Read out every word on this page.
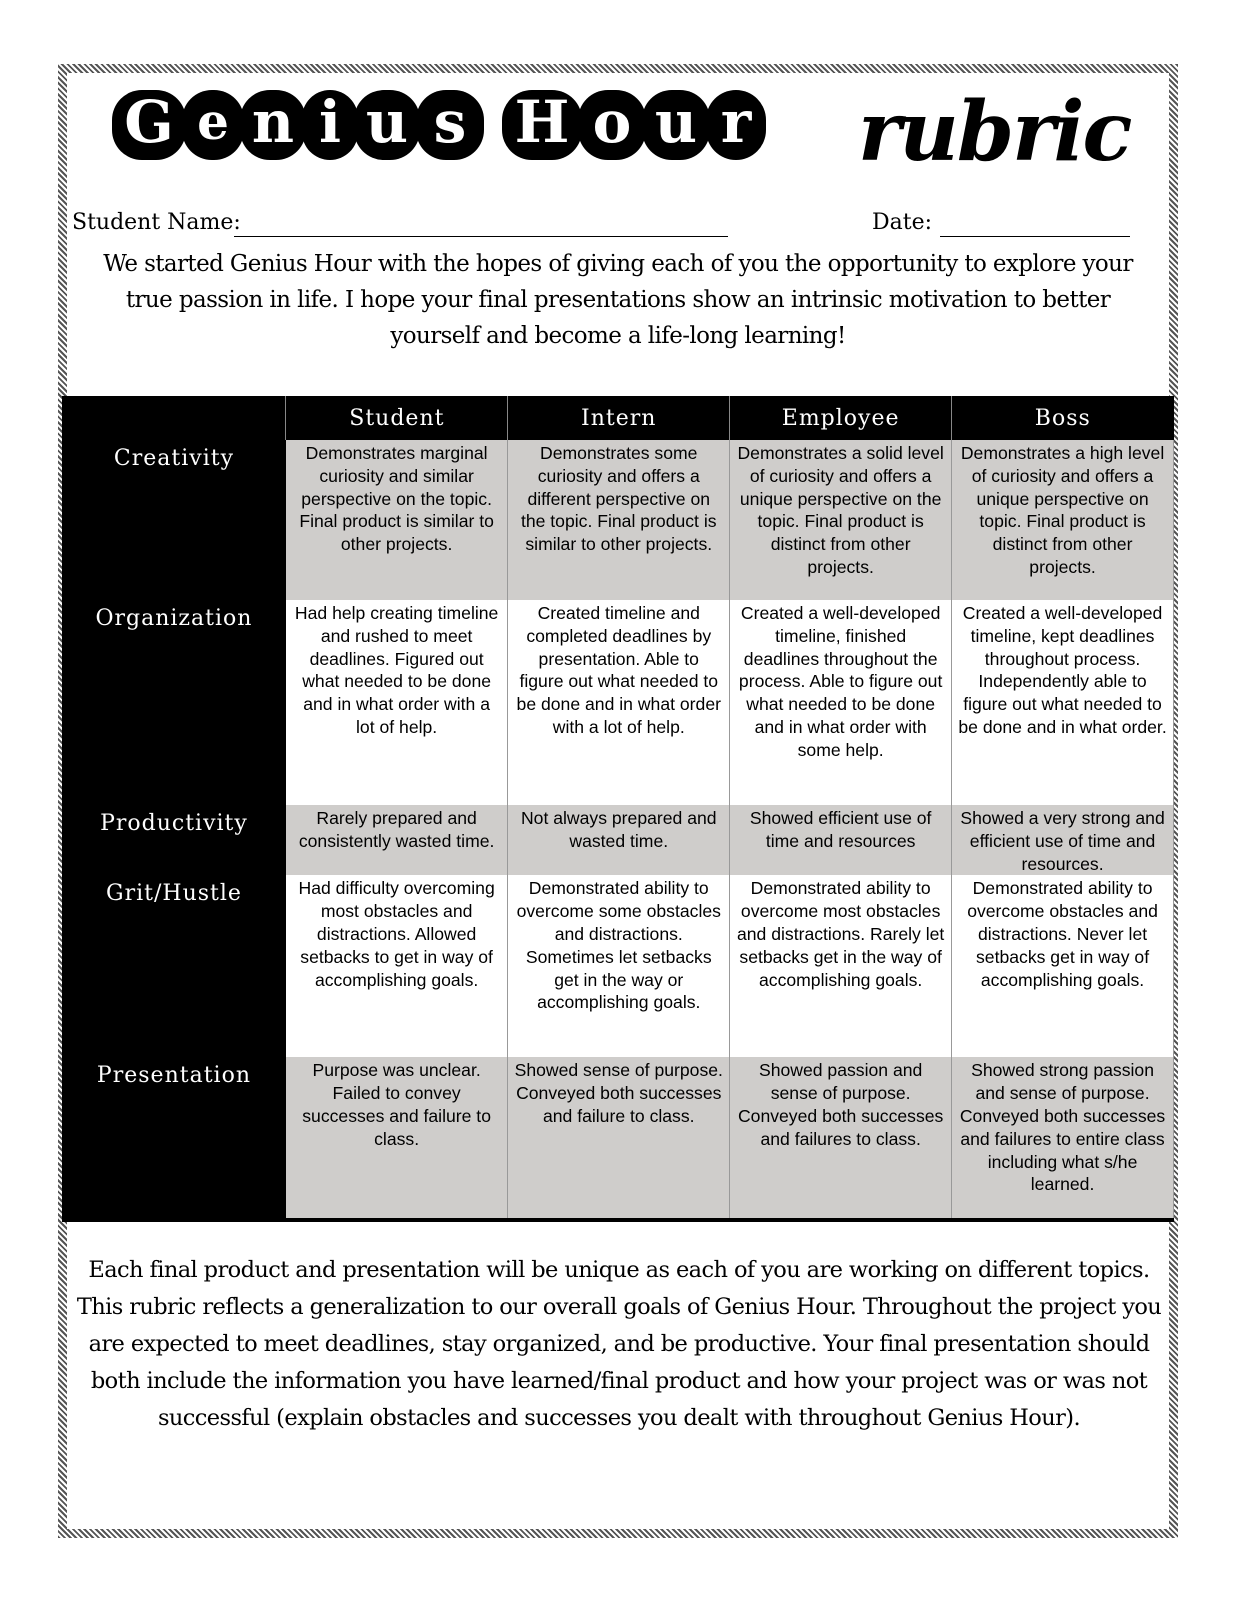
G e n i u s H o u r rubric
Student Name:	Date:
We started Genius Hour with the hopes of giving each of you the opportunity to explore your true passion in life. I hope your final presentations show an intrinsic motivation to better yourself and become a life-long learning!
	Student	Intern	Employee	Boss
Creativity	Demonstrates marginal curiosity and similar perspective on the topic. Final product is similar to other projects.	Demonstrates some curiosity and offers a different perspective on the topic. Final product is similar to other projects.	Demonstrates a solid level of curiosity and offers a unique perspective on the topic. Final product is distinct from other projects.	Demonstrates a high level of curiosity and offers a unique perspective on topic. Final product is distinct from other projects.
Organization	Had help creating timeline and rushed to meet deadlines. Figured out what needed to be done and in what order with a lot of help.	Created timeline and completed deadlines by presentation. Able to figure out what needed to be done and in what order with a lot of help.	Created a well-developed timeline, finished deadlines throughout the process. Able to figure out what needed to be done and in what order with some help.	Created a well-developed timeline, kept deadlines throughout process. Independently able to figure out what needed to be done and in what order.
Productivity	Rarely prepared and consistently wasted time.	Not always prepared and wasted time.	Showed efficient use of time and resources	Showed a very strong and efficient use of time and resources.
Grit/Hustle	Had difficulty overcoming most obstacles and distractions. Allowed setbacks to get in way of accomplishing goals.	Demonstrated ability to overcome some obstacles and distractions. Sometimes let setbacks get in the way or accomplishing goals.	Demonstrated ability to overcome most obstacles and distractions. Rarely let setbacks get in the way of accomplishing goals.	Demonstrated ability to overcome obstacles and distractions. Never let setbacks get in way of accomplishing goals.
Presentation	Purpose was unclear. Failed to convey successes and failure to class.	Showed sense of purpose. Conveyed both successes and failure to class.	Showed passion and sense of purpose. Conveyed both successes and failures to class.	Showed strong passion and sense of purpose. Conveyed both successes and failures to entire class including what s/he learned.
Each final product and presentation will be unique as each of you are working on different topics. This rubric reflects a generalization to our overall goals of Genius Hour. Throughout the project you are expected to meet deadlines, stay organized, and be productive. Your final presentation should both include the information you have learned/final product and how your project was or was not successful (explain obstacles and successes you dealt with throughout Genius Hour).
